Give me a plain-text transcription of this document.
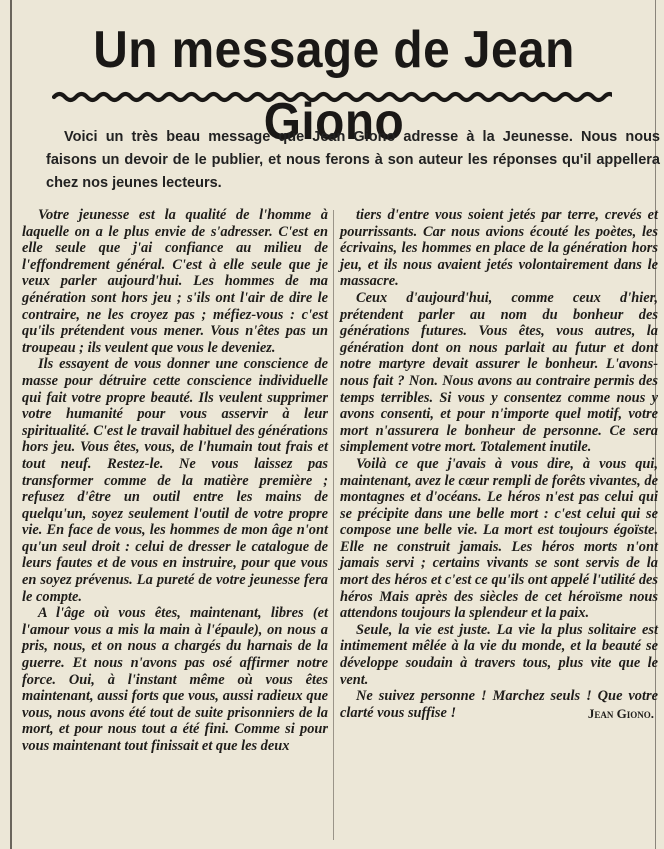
Un message de Jean Giono
Voici un très beau message que Jean Giono adresse à la Jeunesse. Nous nous faisons un devoir de le publier, et nous ferons à son auteur les réponses qu'il appellera chez nos jeunes lecteurs.

Votre jeunesse est la qualité de l'homme à laquelle on a le plus envie de s'adresser. C'est en elle seule que j'ai confiance au milieu de l'effondrement général. C'est à elle seule que je veux parler aujourd'hui. Les hommes de ma génération sont hors jeu ; s'ils ont l'air de dire le contraire, ne les croyez pas ; méfiez-vous : c'est qu'ils prétendent vous mener. Vous n'êtes pas un troupeau ; ils veulent que vous le deveniez.

Ils essayent de vous donner une conscience de masse pour détruire cette conscience individuelle qui fait votre propre beauté. Ils veulent supprimer votre humanité pour vous asservir à leur spiritualité. C'est le travail habituel des générations hors jeu. Vous êtes, vous, de l'humain tout frais et tout neuf. Restez-le. Ne vous laissez pas transformer comme de la matière première ; refusez d'être un outil entre les mains de quelqu'un, soyez seulement l'outil de votre propre vie. En face de vous, les hommes de mon âge n'ont qu'un seul droit : celui de dresser le catalogue de leurs fautes et de vous en instruire, pour que vous en soyez prévenus. La pureté de votre jeunesse fera le compte.

A l'âge où vous êtes, maintenant, libres (et l'amour vous a mis la main à l'épaule), on nous a pris, nous, et on nous a chargés du harnais de la guerre. Et nous n'avons pas osé affirmer notre force. Oui, à l'instant même où vous êtes maintenant, aussi forts que vous, aussi radieux que vous, nous avons été tout de suite prisonniers de la mort, et pour nous tout a été fini. Comme si pour vous maintenant tout finissait et que les deux

tiers d'entre vous soient jetés par terre, crevés et pourrissants. Car nous avions écouté les poètes, les écrivains, les hommes en place de la génération hors jeu, et ils nous avaient jetés volontairement dans le massacre.

Ceux d'aujourd'hui, comme ceux d'hier, prétendent parler au nom du bonheur des générations futures. Vous êtes, vous autres, la génération dont on nous parlait au futur et dont notre martyre devait assurer le bonheur. L'avons-nous fait ? Non. Nous avons au contraire permis des temps terribles. Si vous y consentez comme nous y avons consenti, et pour n'importe quel motif, votre mort n'assurera le bonheur de personne. Ce sera simplement votre mort. Totalement inutile.

Voilà ce que j'avais à vous dire, à vous qui, maintenant, avez le cœur rempli de forêts vivantes, de montagnes et d'océans. Le héros n'est pas celui qui se précipite dans une belle mort : c'est celui qui se compose une belle vie. La mort est toujours égoïste. Elle ne construit jamais. Les héros morts n'ont jamais servi ; certains vivants se sont servis de la mort des héros et c'est ce qu'ils ont appelé l'utilité des héros Mais après des siècles de cet héroïsme nous attendons toujours la splendeur et la paix.

Seule, la vie est juste. La vie la plus solitaire est intimement mêlée à la vie du monde, et la beauté se développe soudain à travers tous, plus vite que le vent.

Ne suivez personne ! Marchez seuls ! Que votre clarté vous suffise !	Jean Giono.
